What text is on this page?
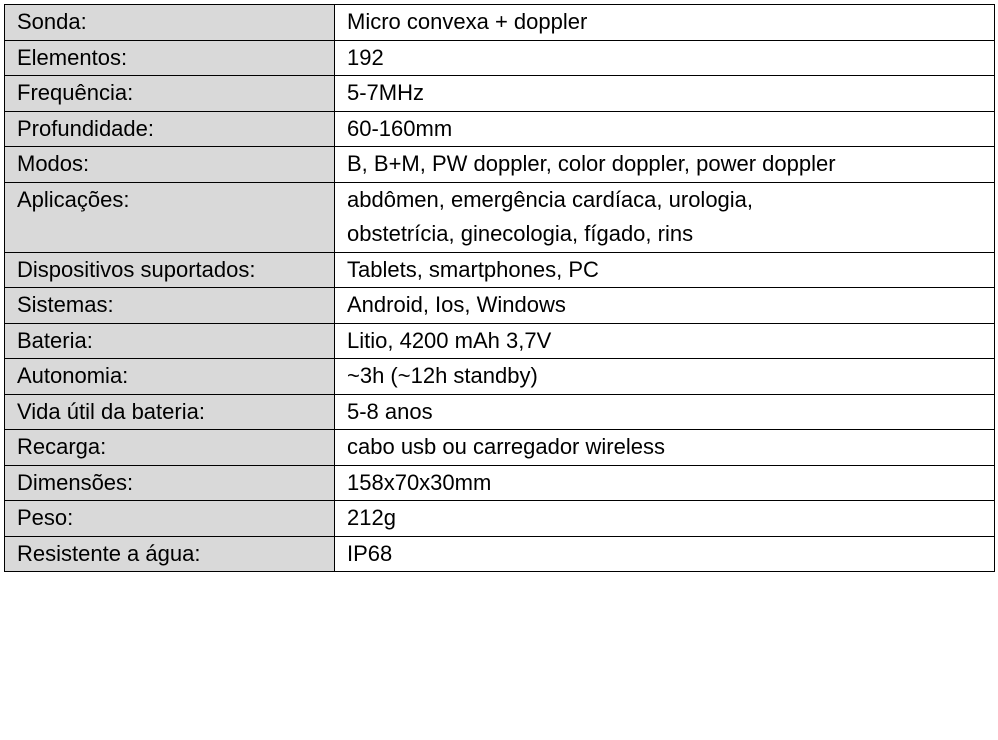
Sonda:	Micro convexa + doppler

Elementos:	192

Frequência:	5-7MHz

Profundidade:	60-160mm

Modos:	B, B+M, PW doppler, color doppler, power doppler

Aplicações:	abdômen, emergência cardíaca, urologia,
obstetrícia, ginecologia, fígado, rins

Dispositivos suportados:	Tablets, smartphones, PC

Sistemas:	Android, Ios, Windows

Bateria:	Litio, 4200 mAh 3,7V

Autonomia:	~3h (~12h standby)

Vida útil da bateria:	5-8 anos

Recarga:	cabo usb ou carregador wireless

Dimensões:	158x70x30mm

Peso:	212g

Resistente a água:	IP68
